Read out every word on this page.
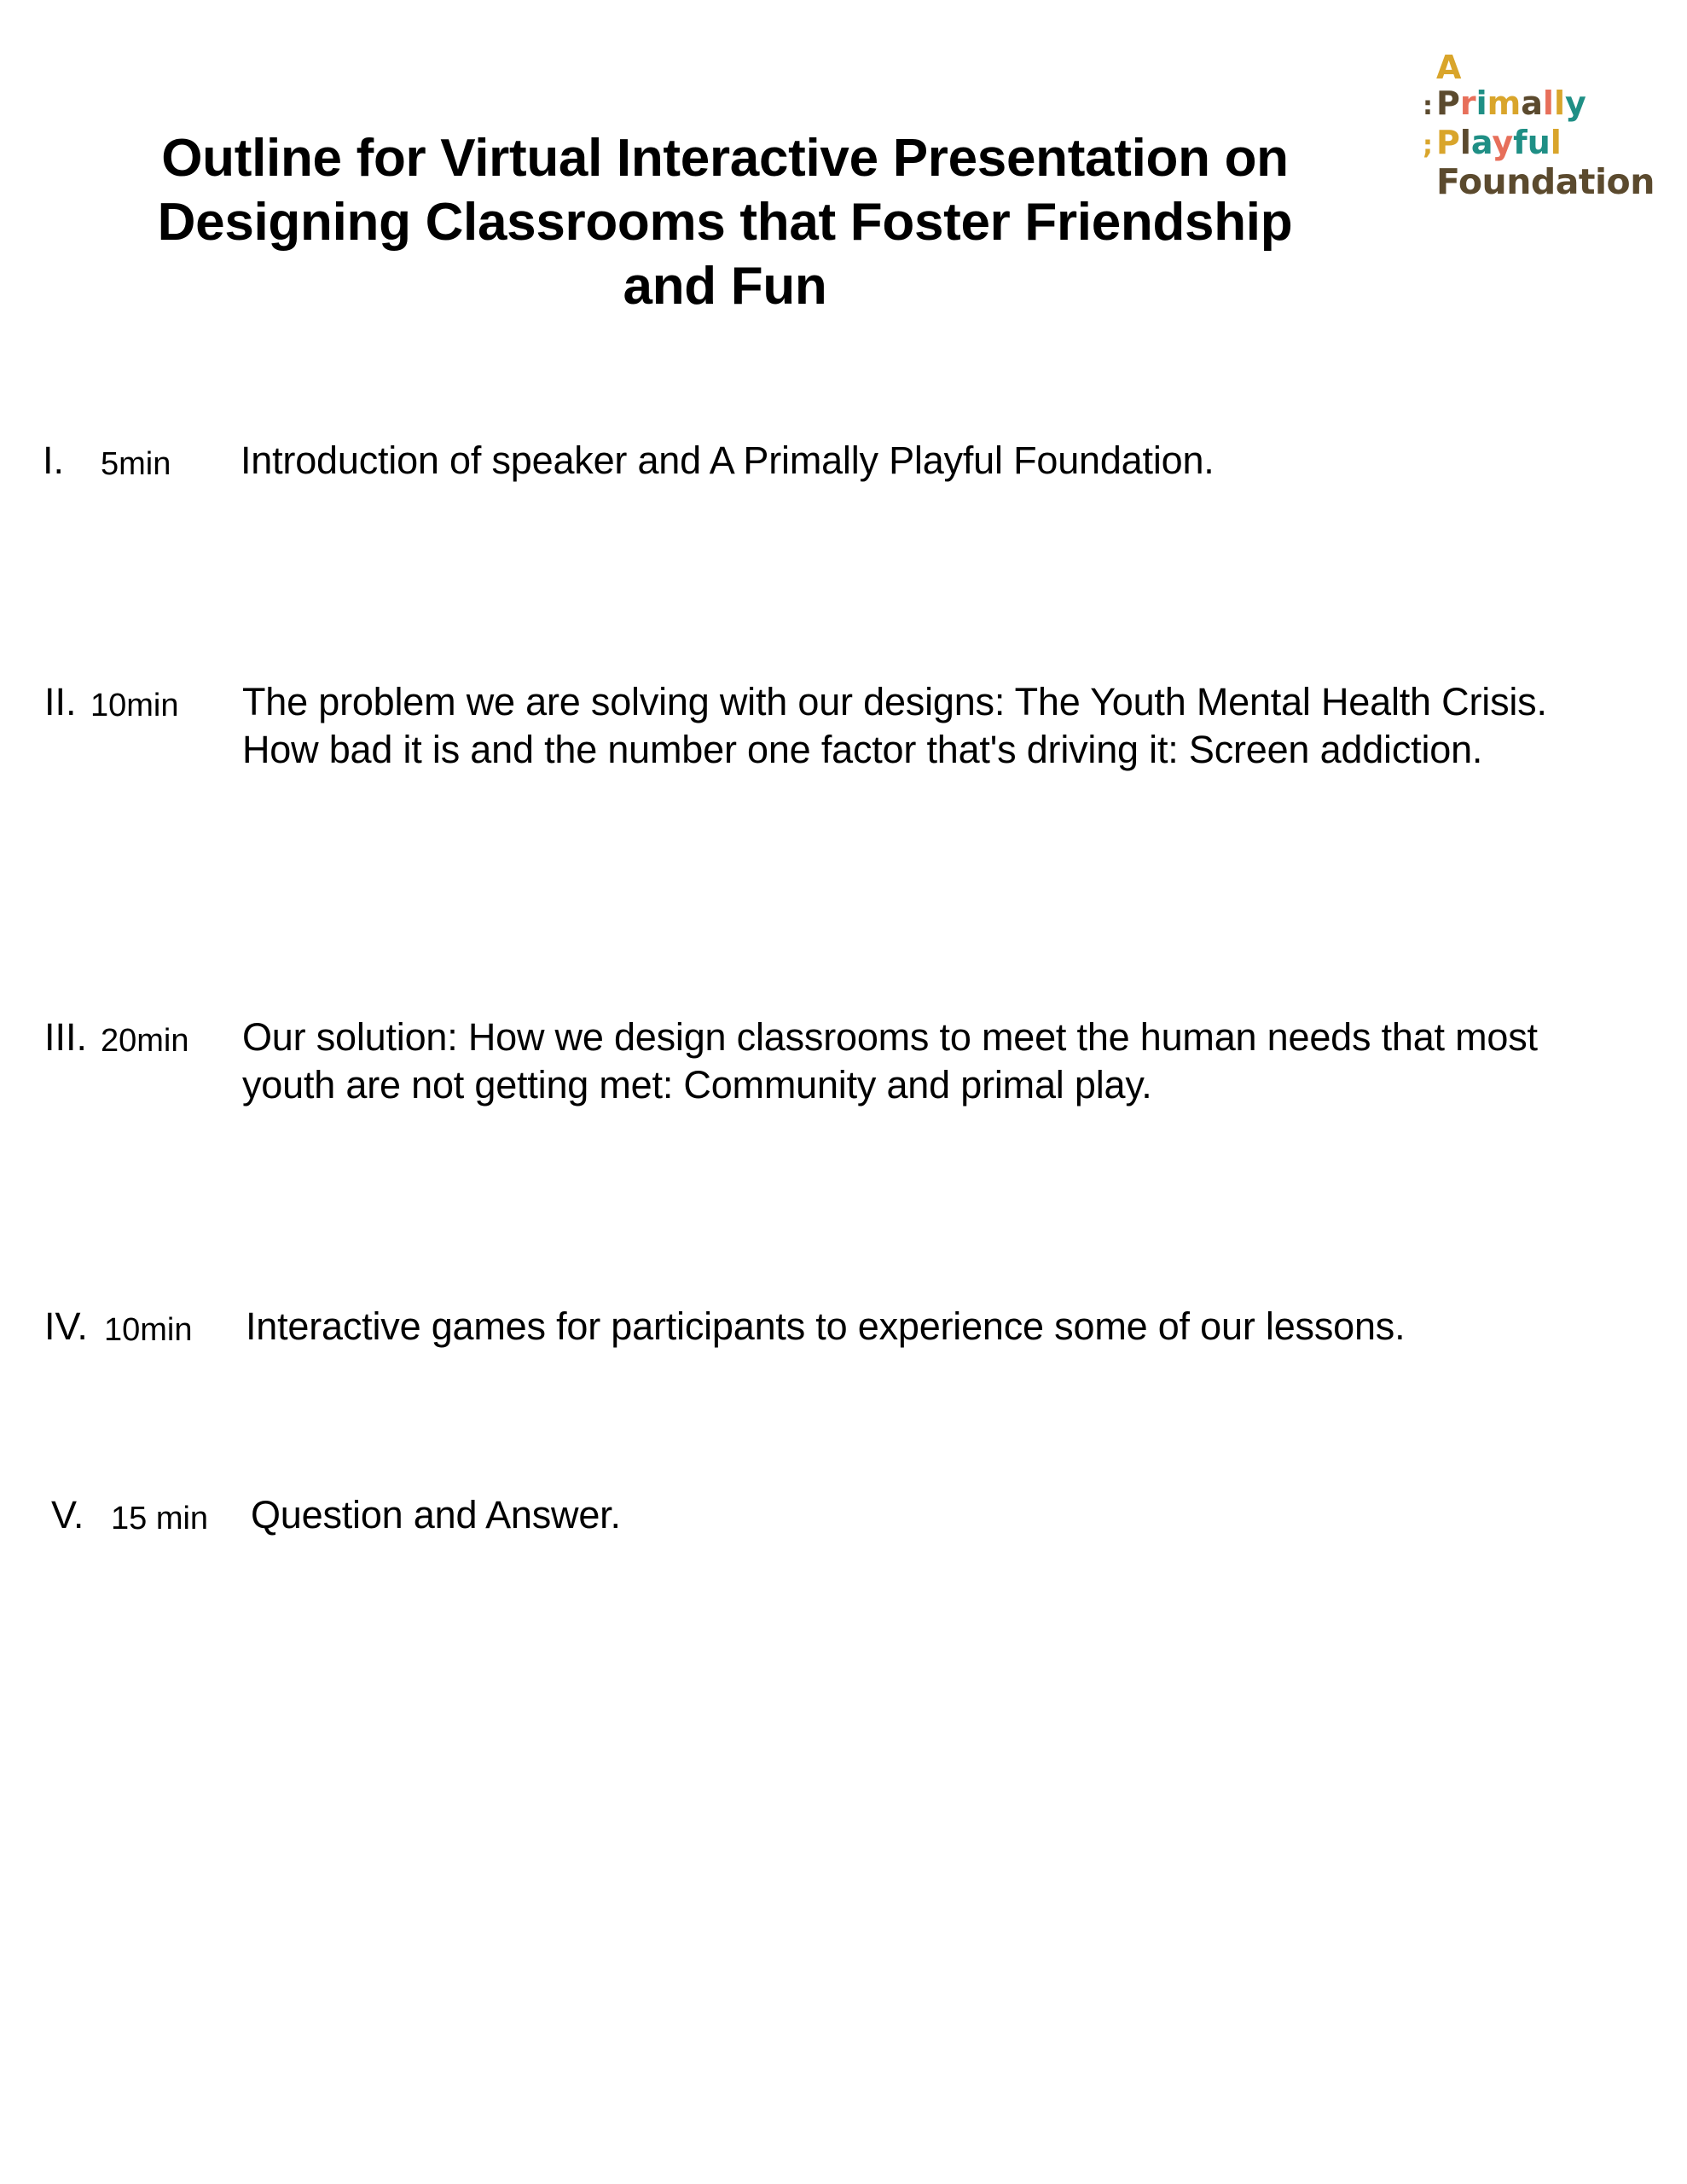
Outline for Virtual Interactive Presentation on
Designing Classrooms that Foster Friendship
and Fun
A
: Primally
; Playful
Foundation
I. 5min Introduction of speaker and A Primally Playful Foundation.
II. 10min The problem we are solving with our designs: The Youth Mental Health Crisis. How bad it is and the number one factor that's driving it: Screen addiction.
III. 20min Our solution: How we design classrooms to meet the human needs that most youth are not getting met: Community and primal play.
IV. 10min Interactive games for participants to experience some of our lessons.
V. 15 min Question and Answer.
